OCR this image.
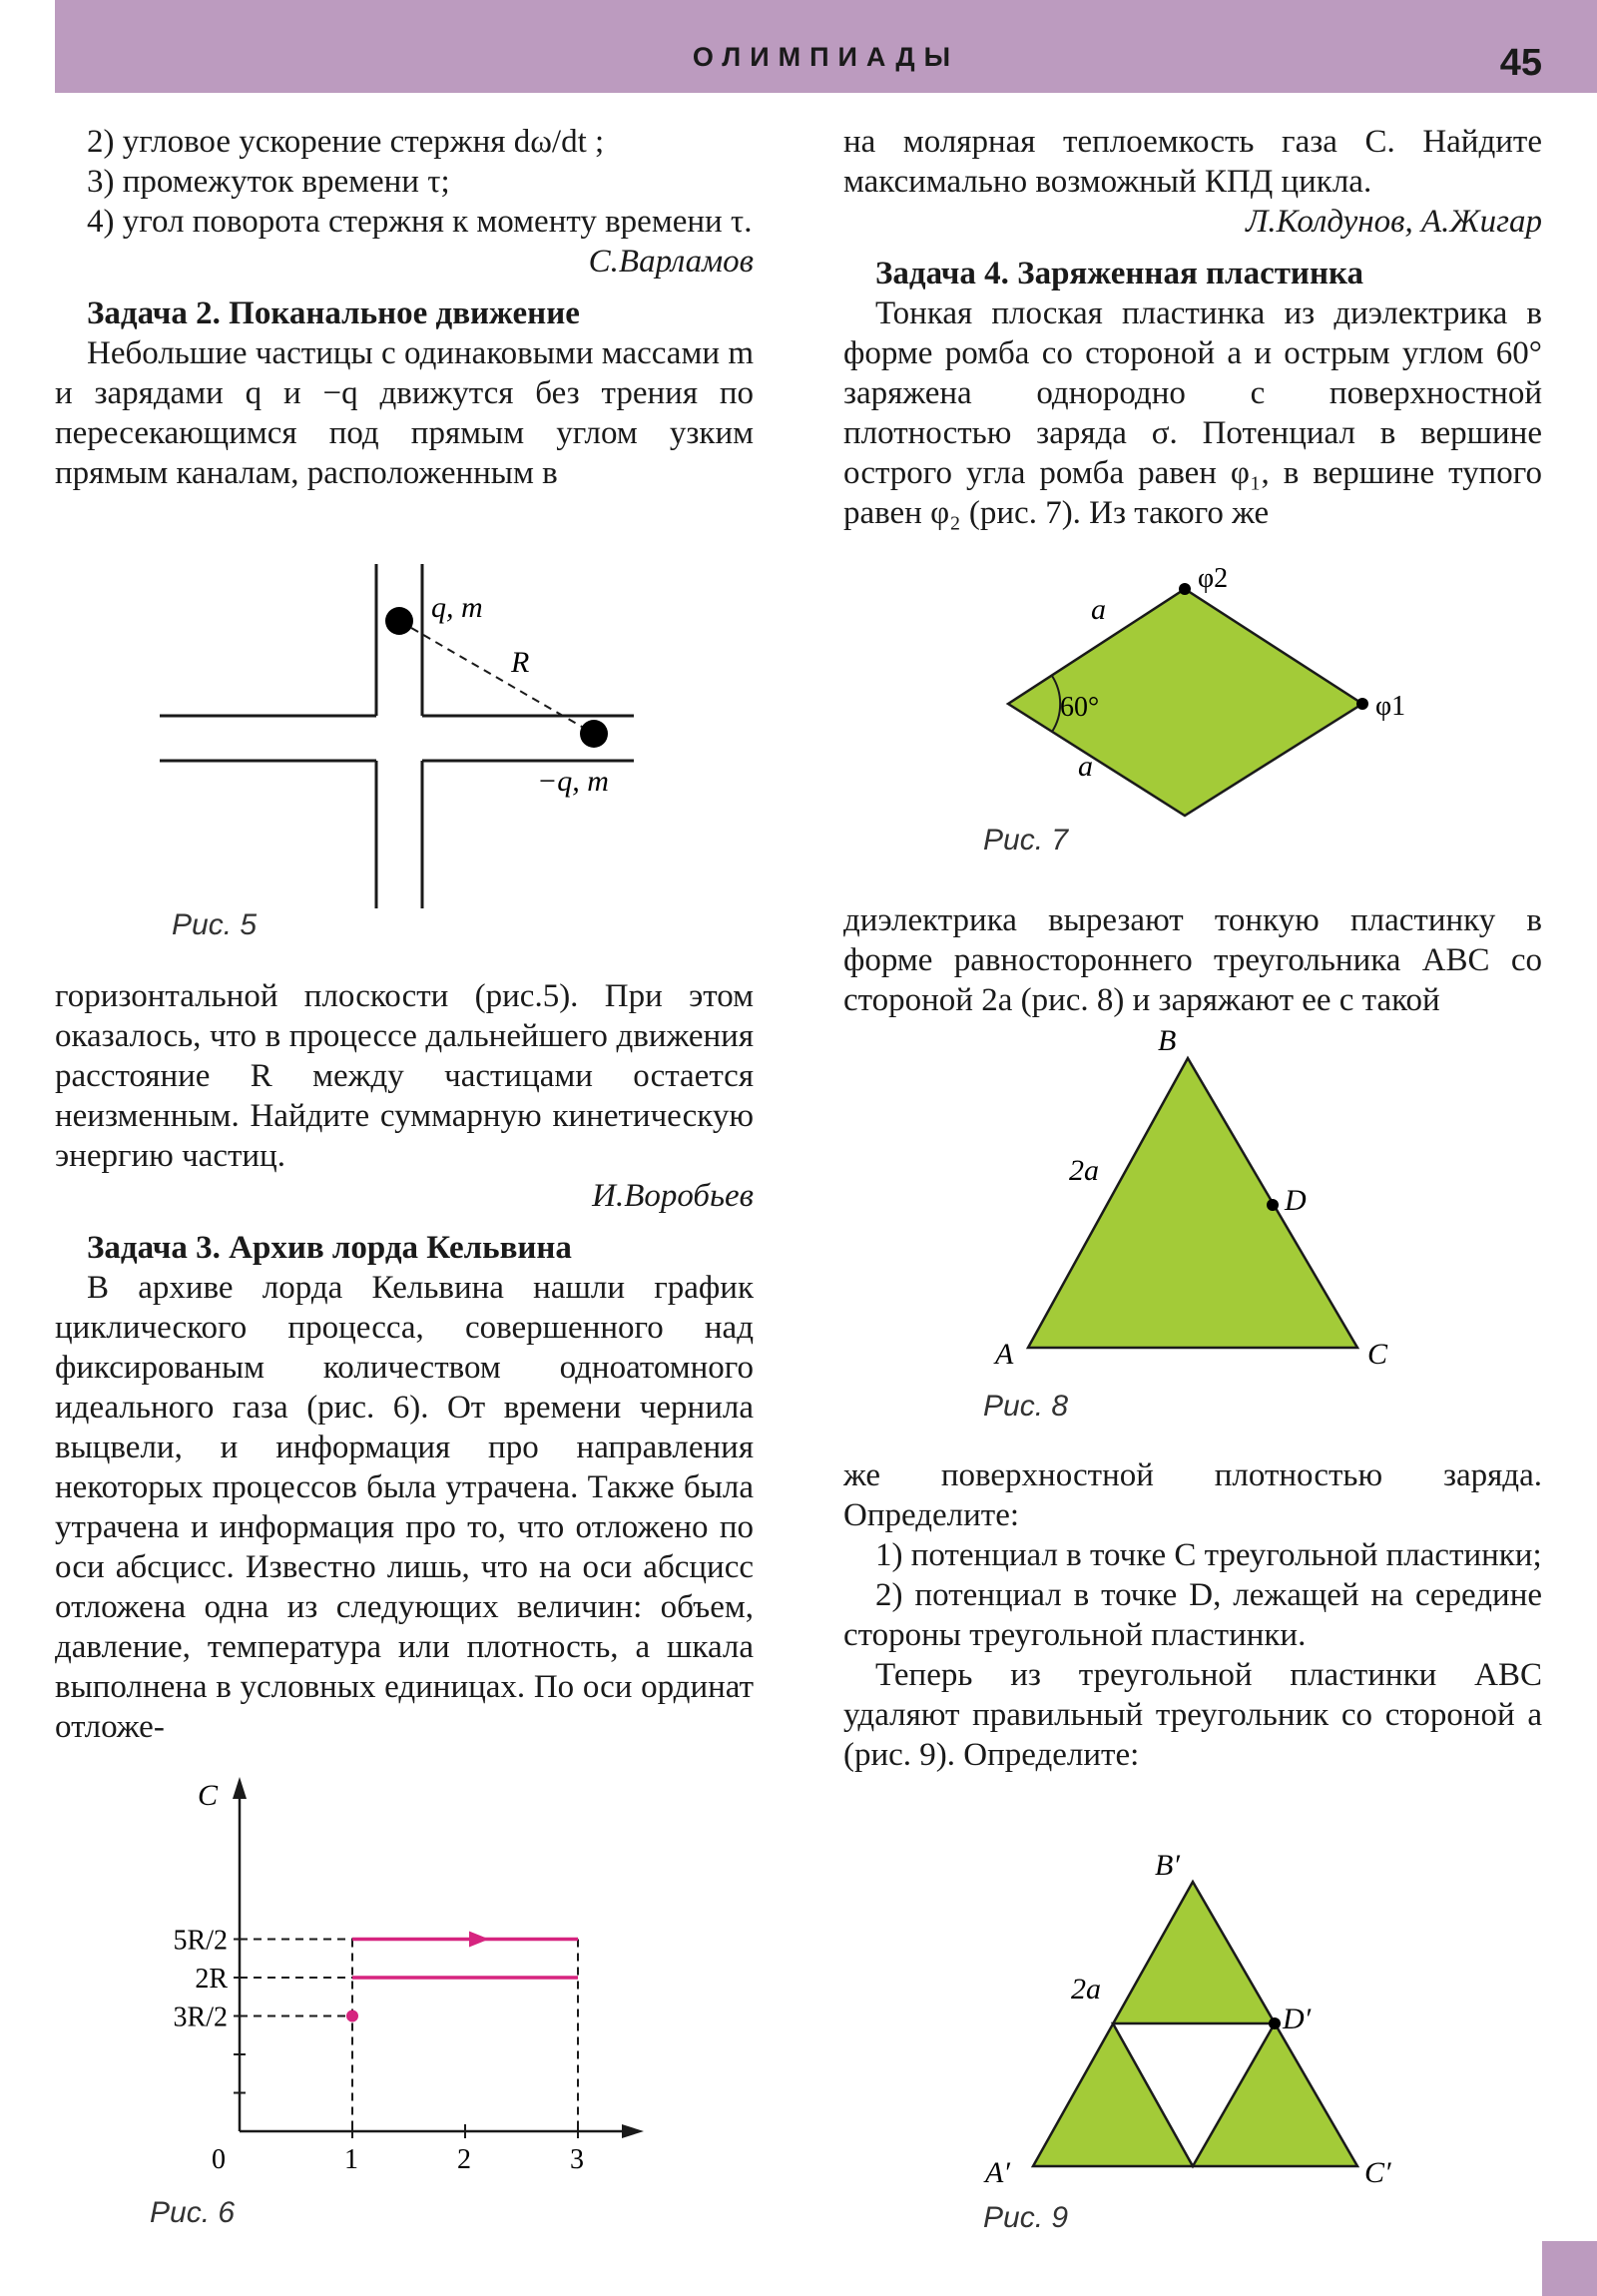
ОЛИМПИАДЫ	45

2) угловое ускорение стержня dω/dt ;

3) промежуток времени τ;

4) угол поворота стержня к моменту времени τ.

С.Варламов

Задача 2. Поканальное движение

Небольшие частицы с одинаковыми массами m и зарядами q и −q движутся без трения по пересекающимся под прямым углом узким прямым каналам, расположенным в

q, m
R
−q, m
Рис. 5

горизонтальной плоскости (рис.5). При этом оказалось, что в процессе дальнейшего движения расстояние R между частицами остается неизменным. Найдите суммарную кинетическую энергию частиц.

И.Воробьев

Задача 3. Архив лорда Кельвина

В архиве лорда Кельвина нашли график циклического процесса, совершенного над фиксированым количеством одноатомного идеального газа (рис. 6). От времени чернила выцвели, и информация про направления некоторых процессов была утрачена. Также была утрачена и информация про то, что отложено по оси абсцисс. Известно лишь, что на оси абсцисс отложена одна из следующих величин: объем, давление, температура или плотность, а шкала выполнена в условных единицах. По оси ординат отложе-

C
0	1	2	3
5R/2
2R
3R/2
Рис. 6

на молярная теплоемкость газа C. Найдите максимально возможный КПД цикла.

Л.Колдунов, А.Жигар

Задача 4. Заряженная пластинка

Тонкая плоская пластинка из диэлектрика в форме ромба со стороной a и острым углом 60° заряжена однородно с поверхностной плотностью заряда σ. Потенциал в вершине острого угла ромба равен φ₁, в вершине тупого равен φ₂ (рис. 7). Из такого же

a
a
60°
φ2
φ1
Рис. 7

диэлектрика вырезают тонкую пластинку в форме равностороннего треугольника ABC со стороной 2a (рис. 8) и заряжают ее с такой

B
A	C
D
2a
Рис. 8

же поверхностной плотностью заряда. Определите:

1) потенциал в точке C треугольной пластинки;

2) потенциал в точке D, лежащей на середине стороны треугольной пластинки.

Теперь из треугольной пластинки ABC удаляют правильный треугольник со стороной a (рис. 9). Определите:

B′
A′	C′
D′
2a
Рис. 9
